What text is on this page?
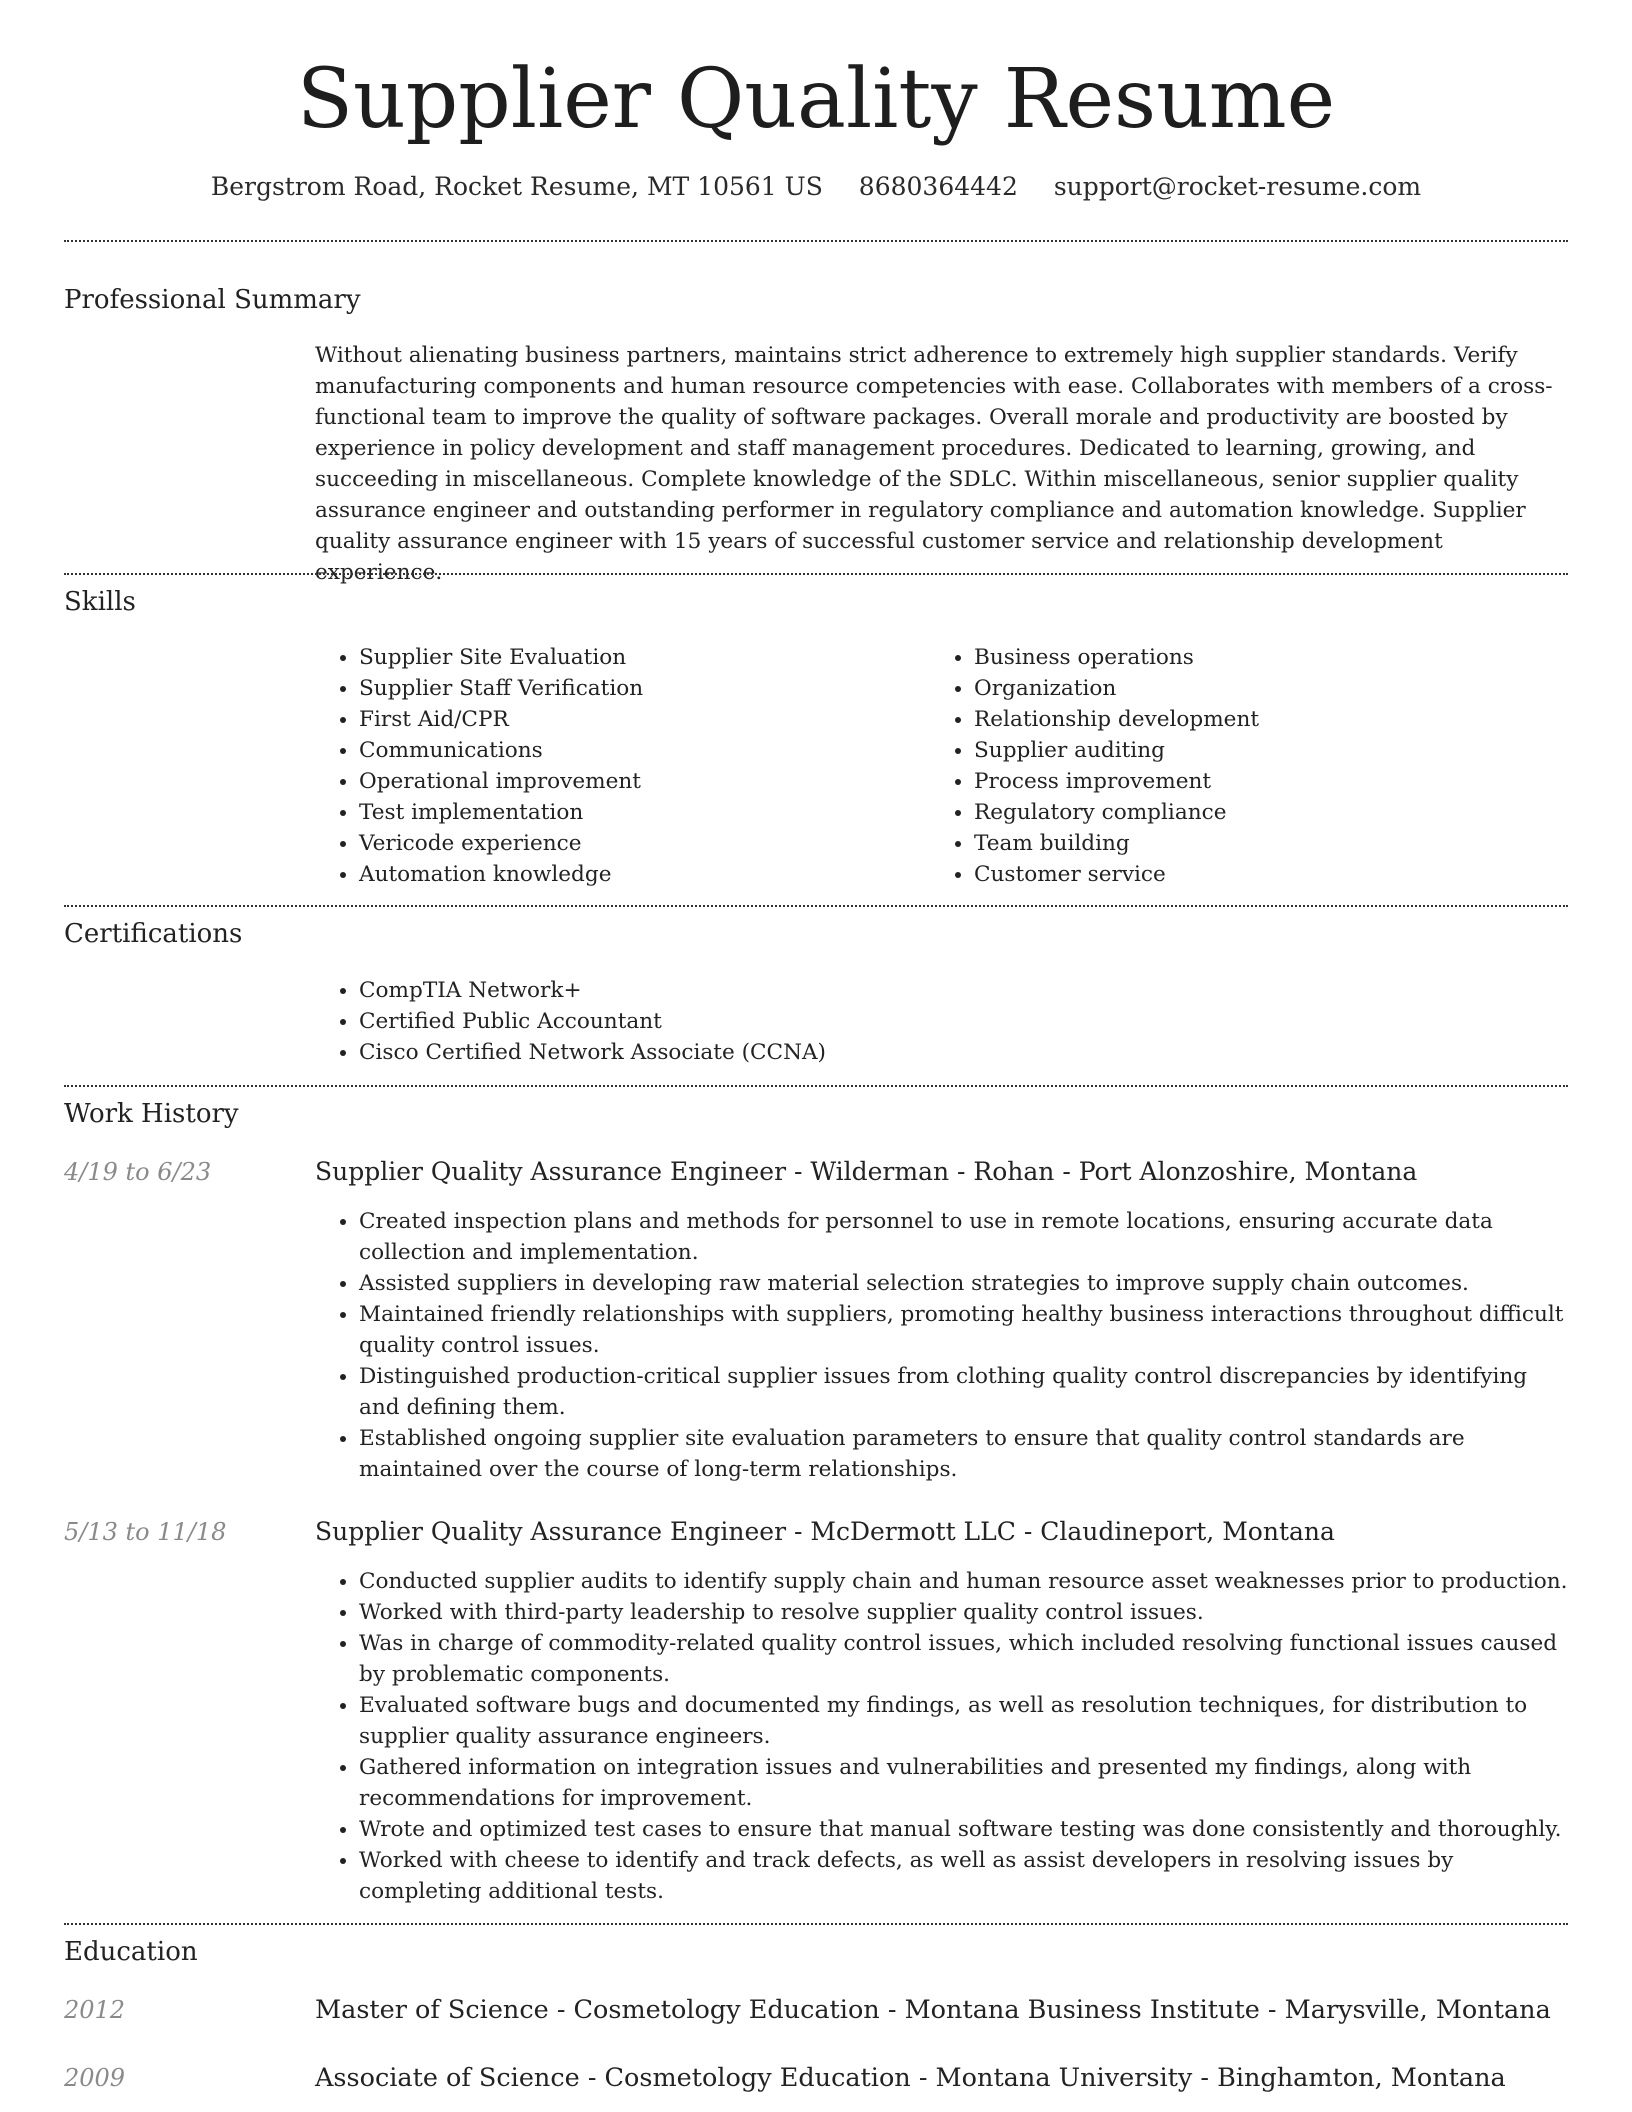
Supplier Quality Resume
Bergstrom Road, Rocket Resume, MT 10561 US 8680364442 support@rocket-resume.com
Professional Summary

Without alienating business partners, maintains strict adherence to extremely high supplier standards. Verify manufacturing components and human resource competencies with ease. Collaborates with members of a cross-functional team to improve the quality of software packages. Overall morale and productivity are boosted by experience in policy development and staff management procedures. Dedicated to learning, growing, and succeeding in miscellaneous. Complete knowledge of the SDLC. Within miscellaneous, senior supplier quality assurance engineer and outstanding performer in regulatory compliance and automation knowledge. Supplier quality assurance engineer with 15 years of successful customer service and relationship development experience.

Skills
• Supplier Site Evaluation
• Supplier Staff Verification
• First Aid/CPR
• Communications
• Operational improvement
• Test implementation
• Vericode experience
• Automation knowledge
• Business operations
• Organization
• Relationship development
• Supplier auditing
• Process improvement
• Regulatory compliance
• Team building
• Customer service
Certifications
• CompTIA Network+
• Certified Public Accountant
• Cisco Certified Network Associate (CCNA)
Work History
4/19 to 6/23	Supplier Quality Assurance Engineer - Wilderman - Rohan - Port Alonzoshire, Montana
• Created inspection plans and methods for personnel to use in remote locations, ensuring accurate data collection and implementation.
• Assisted suppliers in developing raw material selection strategies to improve supply chain outcomes.
• Maintained friendly relationships with suppliers, promoting healthy business interactions throughout difficult quality control issues.
• Distinguished production-critical supplier issues from clothing quality control discrepancies by identifying and defining them.
• Established ongoing supplier site evaluation parameters to ensure that quality control standards are maintained over the course of long-term relationships.
5/13 to 11/18	Supplier Quality Assurance Engineer - McDermott LLC - Claudineport, Montana
• Conducted supplier audits to identify supply chain and human resource asset weaknesses prior to production.
• Worked with third-party leadership to resolve supplier quality control issues.
• Was in charge of commodity-related quality control issues, which included resolving functional issues caused by problematic components.
• Evaluated software bugs and documented my findings, as well as resolution techniques, for distribution to supplier quality assurance engineers.
• Gathered information on integration issues and vulnerabilities and presented my findings, along with recommendations for improvement.
• Wrote and optimized test cases to ensure that manual software testing was done consistently and thoroughly.
• Worked with cheese to identify and track defects, as well as assist developers in resolving issues by completing additional tests.
Education
2012	Master of Science - Cosmetology Education - Montana Business Institute - Marysville, Montana
2009	Associate of Science - Cosmetology Education - Montana University - Binghamton, Montana
